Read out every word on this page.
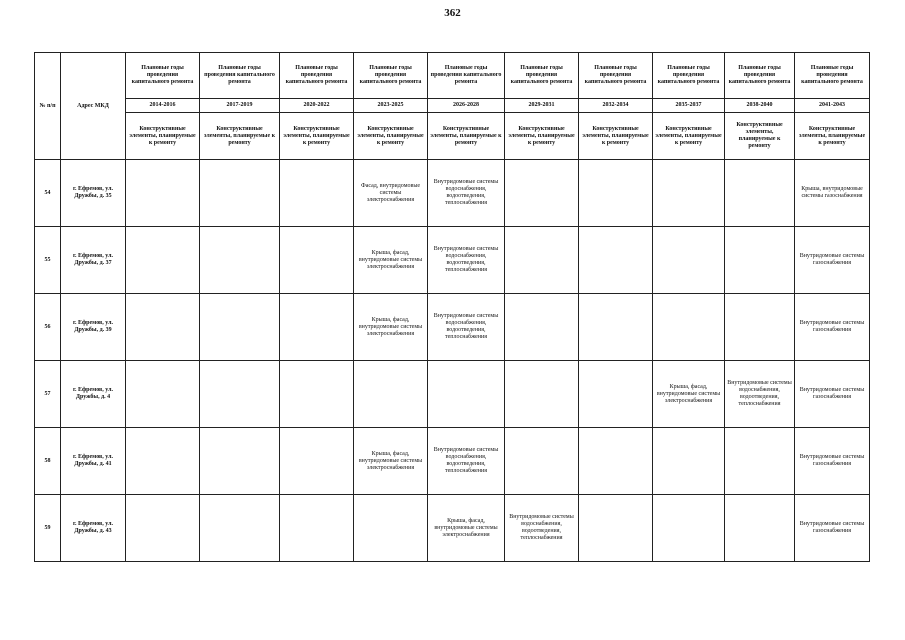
362
№ п/п	Адрес МКД	Плановые годы проведения капитального ремонта	Плановые годы проведения капитального ремонта	Плановые годы проведения капитального ремонта	Плановые годы проведения капитального ремонта	Плановые годы проведения капитального ремонта	Плановые годы проведения капитального ремонта	Плановые годы проведения капитального ремонта	Плановые годы проведения капитального ремонта	Плановые годы проведения капитального ремонта	Плановые годы проведения капитального ремонта
		2014-2016	2017-2019	2020-2022	2023-2025	2026-2028	2029-2031	2032-2034	2035-2037	2038-2040	2041-2043
		Конструктивные элементы, планируемые к ремонту	Конструктивные элементы, планируемые к ремонту	Конструктивные элементы, планируемые к ремонту	Конструктивные элементы, планируемые к ремонту	Конструктивные элементы, планируемые к ремонту	Конструктивные элементы, планируемые к ремонту	Конструктивные элементы, планируемые к ремонту	Конструктивные элементы, планируемые к ремонту	Конструктивные элементы, планируемые к ремонту	Конструктивные элементы, планируемые к ремонту
54	г. Ефремов, ул. Дружбы, д. 35				Фасад, внутридомовые системы электроснабжения	Внутридомовые системы водоснабжения, водоотведения, теплоснабжения					Крыша, внутридомовые системы газоснабжения
55	г. Ефремов, ул. Дружбы, д. 37				Крыша, фасад, внутридомовые системы электроснабжения	Внутридомовые системы водоснабжения, водоотведения, теплоснабжения					Внутридомовые системы газоснабжения
56	г. Ефремов, ул. Дружбы, д. 39				Крыша, фасад, внутридомовые системы электроснабжения	Внутридомовые системы водоснабжения, водоотведения, теплоснабжения					Внутридомовые системы газоснабжения
57	г. Ефремов, ул. Дружбы, д. 4								Крыша, фасад, внутридомовые системы электроснабжения	Внутридомовые системы водоснабжения, водоотведения, теплоснабжения	Внутридомовые системы газоснабжения
58	г. Ефремов, ул. Дружбы, д. 41				Крыша, фасад, внутридомовые системы электроснабжения	Внутридомовые системы водоснабжения, водоотведения, теплоснабжения					Внутридомовые системы газоснабжения
59	г. Ефремов, ул. Дружбы, д. 43					Крыша, фасад, внутридомовые системы электроснабжения	Внутридомовые системы водоснабжения, водоотведения, теплоснабжения				Внутридомовые системы газоснабжения
